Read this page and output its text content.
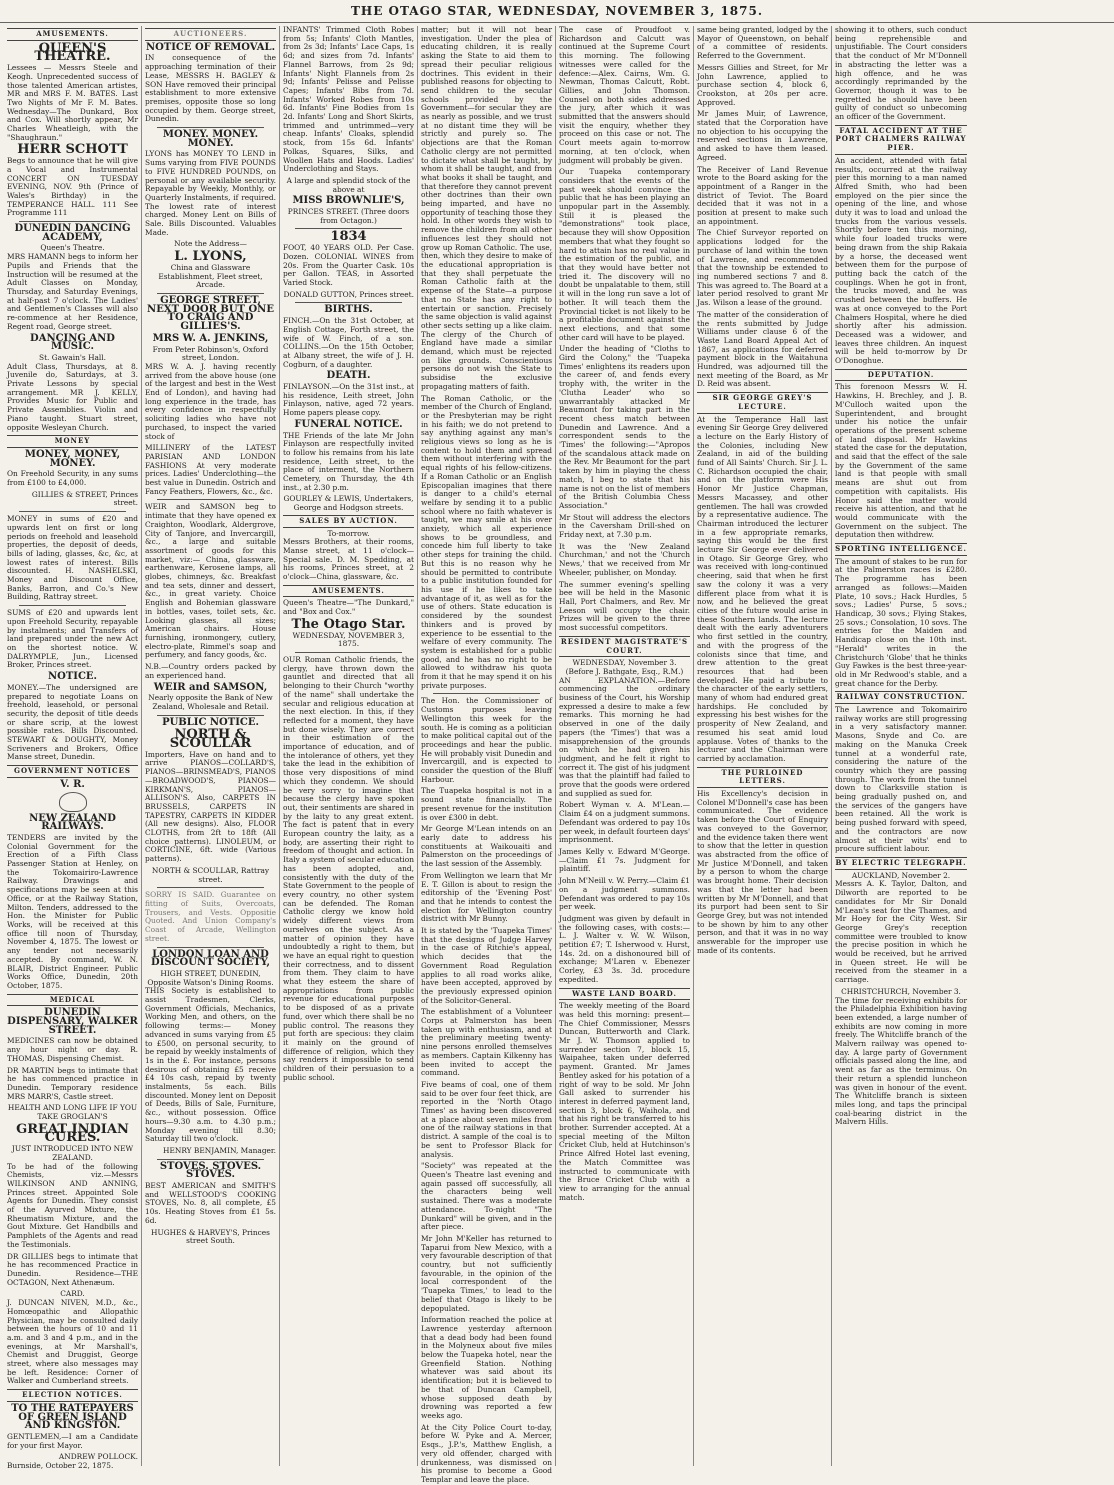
THE OTAGO STAR, WEDNESDAY, NOVEMBER 3, 1875.
AMUSEMENTS.
QUEEN'S THEATRE.

Lessees — Messrs Steele and Keogh. Unprecedented success of those talented American artistes, MR and MRS F. M. BATES. Last Two Nights of Mr F. M. Bates. Wednesday—The Dunkard, Box and Cox. Will shortly appear, Mr Charles Wheatleigh, with the "Shaughraun."

HERR SCHOTT

Begs to announce that he will give a Vocal and Instrumental CONCERT ON TUESDAY EVENING, NOV. 9th (Prince of Wales's Birthday) in the TEMPERANCE HALL. 111 See Programme 111

DUNEDIN DANCING ACADEMY,
Queen's Theatre.

MRS HAMANN begs to inform her Pupils and Friends that the Instruction will be resumed at the Adult Classes on Monday, Thursday, and Saturday Evenings, at half-past 7 o'clock. The Ladies' and Gentlemen's Classes will also re-commence at her Residence, Regent road, George street.

DANCING AND MUSIC.
St. Gawain's Hall.

Adult Class, Thursdays, at 8. Juvenile do, Saturdays, at 3. Private Lessons by special arrangement. MR J. KELLY, Provides Music for Public and Private Assemblies. Violin and Piano taught. Stuart street, opposite Wesleyan Church.

MONEY
MONEY, MONEY, MONEY.

On Freehold Security, in any sums from £100 to £4,000.

GILLIES & STREET, Princes street.

MONEY in sums of £20 and upwards lent on first or long periods on freehold and leasehold properties, the deposit of deeds, bills of lading, glasses, &c, &c, at lowest rates of interest. Bills discounted. H. NASHELSKI, Money and Discount Office, Banks, Barron, and Co.'s New Building, Rattray street.

SUMS of £20 and upwards lent upon Freehold Security, repayable by instalments; and Transfers of land prepared under the new Act on the shortest notice. W. DALRYMPLE, Jun., Licensed Broker, Princes street.

NOTICE.

MONEY.—The undersigned are prepared to negotiate Loans on freehold, leasehold, or personal security, the deposit of title deeds or share scrip, at the lowest possible rates. Bills Discounted. STEWART & DOUGHTY, Money Scriveners and Brokers, Office Manse street, Dunedin.

GOVERNMENT NOTICES
V. R.
NEW ZEALAND RAILWAYS.

TENDERS are invited by the Colonial Government for the Erection of a Fifth Class Passenger Station at Henley, on the Tokomairiro-Lawrence Railway. Drawings and specifications may be seen at this Office, or at the Railway Station, Milton. Tenders, addressed to the Hon. the Minister for Public Works, will be received at this office till noon of Thursday, November 4, 1875. The lowest or any tender not necessarily accepted. By command, W. N. BLAIR, District Engineer. Public Works Office, Dunedin, 20th October, 1875.

MEDICAL
DUNEDIN DISPENSARY, WALKER STREET.

MEDICINES can now be obtained any hour night or day. R. THOMAS, Dispensing Chemist.

DR MARTIN begs to intimate that he has commenced practice in Dunedin. Temporary residence MRS MARR'S, Castle street.

HEALTH AND LONG LIFE IF YOU TAKE GROGLAN'S
GREAT INDIAN CURES.
JUST INTRODUCED INTO NEW ZEALAND.

To be had of the following Chemists, viz.—Messrs WILKINSON AND ANNING, Princes street. Appointed Sole Agents for Dunedin. They consist of the Ayurved Mixture, the Rheumatism Mixture, and the Gout Mixture. Get Handbills and Pamphlets of the Agents and read the Testimonials.

DR GILLIES begs to intimate that he has recommenced Practice in Dunedin. Residence—THE OCTAGON, Next Athenæum.

CARD.

J. DUNCAN NIVEN, M.D., &c., Homœopathic and Allopathic Physician, may be consulted daily between the hours of 10 and 11 a.m. and 3 and 4 p.m., and in the evenings, at Mr Marshall's, Chemist and Druggist, George street, where also messages may be left. Residence: Corner of Walker and Cumberland streets.

ELECTION NOTICES.
TO THE RATEPAYERS OF GREEN ISLAND AND KINGSTON.

GENTLEMEN,—I am a Candidate for your first Mayor.

ANDREW POLLOCK.
Burnside, October 22, 1875.
AUCTIONEERS.
NOTICE OF REMOVAL.

IN consequence of the approaching termination of their Lease, MESSRS H. BAGLEY & SON Have removed their principal establishment to more extensive premises, opposite those so long occupied by them. George street, Dunedin.

MONEY. MONEY. MONEY.

LYONS has MONEY TO LEND in Sums varying from FIVE POUNDS to FIVE HUNDRED POUNDS, on personal or any available security. Repayable by Weekly, Monthly, or Quarterly Instalments, if required. The lowest rate of interest charged. Money Lent on Bills of Sale. Bills Discounted. Valuables Made.

Note the Address—
L. LYONS,
China and Glassware Establishment, Fleet street, Arcade.
GEORGE STREET, NEXT DOOR BUT ONE TO CRAIG AND GILLIES'S.
MRS W. A. JENKINS,
From Peter Robinson's, Oxford street, London.

MRS W. A. J. having recently arrived from the above house (one of the largest and best in the West End of London), and having had long experience in the trade, has every confidence in respectfully soliciting ladies who have not purchased, to inspect the varied stock of

MILLINERY of the LATEST PARISIAN AND LONDON FASHIONS At very moderate prices. Ladies' Underclothing—the best value in Dunedin. Ostrich and Fancy Feathers, Flowers, &c., &c.

WEIR and SAMSON beg to intimate that they have opened ex Craighton, Woodlark, Aldergrove, City of Tanjore, and Invercargill, &c., a large and suitable assortment of goods for this market, viz:— China, glassware, earthenware, Kerosene lamps, all globes, chimneys, &c. Breakfast and tea sets, dinner and dessert, &c., in great variety. Choice English and Bohemian glassware in bottles, vases, toilet sets, &c. Looking glasses, all sizes; American chairs. House furnishing, ironmongery, cutlery, electro-plate, Rimmel's soap and perfumery, and fancy goods, &c.

N.B.—Country orders packed by an experienced hand.

WEIR and SAMSON,
Nearly opposite the Bank of New Zealand, Wholesale and Retail.
PUBLIC NOTICE.
NORTH & SCOULLAR

Importers, Have on hand and to arrive PIANOS—COLLARD'S, PIANOS—BRINSMEAD'S, PIANOS—BROADWOOD'S, PIANOS—KIRKMAN'S, PIANOS—ALLISON'S. Also, CARPETS IN BRUSSELS, CARPETS IN TAPESTRY, CARPETS IN KIDDER (All new designs). Also, FLOOR CLOTHS, from 2ft to 18ft (All choice patterns). LINOLEUM, or CORTICINE, 6ft. wide (Various patterns).

NORTH & SCOULLAR, Rattray street.

SORRY IS SAID. Guarantee on fitting of Suits, Overcoats, Trousers, and Vests. Oppositie Quoted. And Union Company's Coast of Arcade, Wellington street.

LONDON LOAN AND DISCOUNT SOCIETY,
HIGH STREET, DUNEDIN, Opposite Watson's Dining Rooms.

THIS Society is established to assist Tradesmen, Clerks, Government Officials, Mechanics, Working Men, and others, on the following terms:— Money advanced in sums varying from £5 to £500, on personal security, to be repaid by weekly instalments of 1s in the £. For instance, persons desirous of obtaining £5 receive £4 10s cash, repaid by twenty instalments, 5s each. Bills discounted. Money lent on Deposit of Deeds, Bills of Sale, Furniture, &c., without possession. Office hours—9.30 a.m. to 4.30 p.m.; Monday evening till 8.30; Saturday till two o'clock.

HENRY BENJAMIN, Manager.
STOVES. STOVES. STOVES.

BEST AMERICAN and SMITH'S and WELLSTOOD'S COOKING STOVES, No. 8, all complete, £5 10s. Heating Stoves from £1 5s. 6d.

HUGHES & HARVEY'S, Princes street South.

INFANTS' Trimmed Cloth Robes from 5s; Infants' Cloth Mantles, from 2s 3d; Infants' Lace Caps, 1s 6d; and sizes from 7d. Infants' Flannel Barrows, from 2s 9d; Infants' Night Flannels from 2s 9d; Infants' Pelisse and Pelisse Capes; Infants' Bibs from 7d. Infants' Worked Robes from 10s 6d. Infants' Fine Bodies from 1s 2d. Infants' Long and Short Skirts, trimmed and untrimmed—very cheap. Infants' Cloaks, splendid stock, from 15s 6d. Infants' Polkas, Squares, Silks, and Woollen Hats and Hoods. Ladies' Underclothing and Stays.

A large and splendid stock of the above at
MISS BROWNLIE'S,
PRINCES STREET. (Three doors from Octagon.)
1834

FOOT, 40 YEARS OLD. Per Case. Dozen. COLONIAL WINES from 20s. From the Quarter Cask. 10s per Gallon. TEAS, in Assorted Varied Stock.

DONALD GUTTON, Princes street.
BIRTHS.

FINCH.—On the 31st October, at English Cottage, Forth street, the wife of W. Finch, of a son. COLLINS.—On the 15th October, at Albany street, the wife of J. H. Cogburn, of a daughter.

DEATH.

FINLAYSON.—On the 31st inst., at his residence, Leith street, John Finlayson, native, aged 72 years. Home papers please copy.

FUNERAL NOTICE.

THE Friends of the late Mr John Finlayson are respectfully invited to follow his remains from his late residence, Leith street, to the place of interment, the Northern Cemetery, on Thursday, the 4th inst., at 2.30 p.m.

GOURLEY & LEWIS, Undertakers, George and Hodgson streets.
SALES BY AUCTION.
To-morrow.

Messrs Brothers, at their rooms, Manse street, at 11 o'clock—Special sale. D. M. Spedding, at his rooms, Princes street, at 2 o'clock—China, glassware, &c.

AMUSEMENTS.

Queen's Theatre—"The Dunkard," and "Box and Cox."

The Otago Star.
WEDNESDAY, NOVEMBER 3, 1875.

OUR Roman Catholic friends, the clergy, have thrown down the gauntlet and directed that all belonging to their Church "worthy of the name" shall undertake the secular and religious education at the next election. In this, if they reflected for a moment, they have but done wisely. They are correct in their estimation of the importance of education, and of the intolerance of others, yet they take the lead in the exhibition of those very dispositions of mind which they condemn. We should be very sorry to imagine that because the clergy have spoken out, their sentiments are shared in by the laity to any great extent. The fact is patent that in every European country the laity, as a body, are asserting their right to freedom of thought and action. In Italy a system of secular education has been adopted, and, consistently with the duty of the State Government to the people of every country, no other system can be defended. The Roman Catholic clergy we know hold widely different views from ourselves on the subject. As a matter of opinion they have undoubtedly a right to them, but we have an equal right to question their correctness, and to dissent from them. They claim to have what they esteem the share of appropriations from public revenue for educational purposes to be disposed of as a private fund, over which there shall be no public control. The reasons they put forth are specious: they claim it mainly on the ground of difference of religion, which they say renders it impossible to send children of their persuasion to a public school.

matter; but it will not bear investigation. Under the plea of educating children, it is really asking the State to aid them to spread their peculiar religious doctrines. This evident in their published reasons for objecting to send children to the secular schools provided by the Government—for secular they are as nearly as possible, and we trust at no distant time they will be strictly and purely so. The objections are that the Roman Catholic clergy are not permitted to dictate what shall be taught, by whom it shall be taught, and from what books it shall be taught, and that therefore they cannot prevent other doctrines than their own being imparted, and have no opportunity of teaching those they hold. In other words they wish to remove the children from all other influences lest they should not grow up Roman Catholic. The use, then, which they desire to make of the educational appropriation is that they shall perpetuate the Roman Catholic faith at the expense of the State—a purpose that no State has any right to entertain or sanction. Precisely the same objection is valid against other sects setting up a like claim. The clergy of the Church of England have made a similar demand, which must be rejected on like grounds. Conscientious persons do not wish the State to subsidise the exclusive propagating matters of faith.

The Roman Catholic, or the member of the Church of England, or the Presbyterian may be right in his faith; we do not pretend to say anything against any man's religious views so long as he is content to hold them and spread them without interfering with the equal rights of his fellow-citizens. If a Roman Catholic or an English Episcopalian imagines that there is danger to a child's eternal welfare by sending it to a public school where no faith whatever is taught, we may smile at his over anxiety, which all experience shows to be groundless, and concede him full liberty to take other steps for training the child. But this is no reason why he should be permitted to contribute to a public institution founded for his use if he likes to take advantage of it, as well as for the use of others. State education is considered by the soundest thinkers and is proved by experience to be essential to the welfare of every community. The system is established for a public good, and he has no right to be allowed to withdraw his quota from it that he may spend it on his private purposes.

The Hon. the Commissioner of Customs purposes leaving Wellington this week for the south. He is coming as a politician to make political capital out of the proceedings and hear the public. He will probably visit Dunedin and Invercargill, and is expected to consider the question of the Bluff Harbour.

The Tuapeka hospital is not in a sound state financially. The present revenue for the institution is over £300 in debt.

Mr George M'Lean intends on an early date to address his constituents at Waikouaiti and Palmerston on the proceedings of the last session of the Assembly.

From Wellington we learn that Mr E. T. Gillon is about to resign the editorship of the 'Evening Post' and that he intends to contest the election for Wellington country district with Mr Bunny.

It is stated by the 'Tuapeka Times' that the designs of Judge Harvey in the case of Ritchie's appeal, which decides that the Government Road Regulation applies to all road works alike, have been accepted, approved by the previously expressed opinion of the Solicitor-General.

The establishment of a Volunteer Corps at Palmerston has been taken up with enthusiasm, and at the preliminary meeting twenty-nine persons enrolled themselves as members. Captain Kilkenny has been invited to accept the command.

Five beams of coal, one of them said to be over four feet thick, are reported in the 'North Otago Times' as having been discovered at a place about seven miles from one of the railway stations in that district. A sample of the coal is to be sent to Professor Black for analysis.

"Society" was repeated at the Queen's Theatre last evening and again passed off successfully, all the characters being well sustained. There was a moderate attendance. To-night "The Dunkard" will be given, and in the after piece.

Mr John M'Keller has returned to Taparui from New Mexico, with a very favourable description of that country, but not sufficiently favourable, in the opinion of the local correspondent of the 'Tuapeka Times,' to lead to the belief that Otago is likely to be depopulated.

Information reached the police at Lawrence yesterday afternoon that a dead body had been found in the Molyneux about five miles below the Tuapeka hotel, near the Greenfield Station. Nothing whatever was said about its identification; but it is believed to be that of Duncan Campbell, whose supposed death by drowning was reported a few weeks ago.

At the City Police Court to-day, before W. Pyke and A. Mercer, Esqs., J.P.'s, Matthew English, a very old offender, charged with drunkenness, was dismissed on his promise to become a Good Templar and leave the place.

The case of Proudfoot v. Richardson and Calcutt was continued at the Supreme Court this morning. The following witnesses were called for the defence:—Alex. Cairns, Wm. G. Newman, Thomas Calcutt, Robt. Gillies, and John Thomson. Counsel on both sides addressed the jury, after which it was submitted that the answers should visit the enquiry, whether they proceed on this case or not. The Court meets again to-morrow morning, at ten o'clock, when judgment will probably be given.

Our Tuapeka contemporary considers that the events of the past week should convince the public that he has been playing an unpopular part in the Assembly. Still it is pleased the "demonstrations" took place, because they will show Opposition members that what they fought so hard to attain has no real value in the estimation of the public, and that they would have better not tried it. The discovery will no doubt be unpalatable to them, still it will in the long run save a lot of bother. It will teach them the Provincial ticket is not likely to be a profitable document against the next elections, and that some other card will have to be played.

Under the heading of "Cloths to Gird the Colony," the 'Tuapeka Times' enlightens its readers upon the career of, and fends every trophy with, the writer in the 'Clutha Leader' who so unwarrantably attacked Mr Beaumont for taking part in the recent chess match between Dunedin and Lawrence. And a correspondent sends to the 'Times' the following:—"Apropos of the scandalous attack made on the Rev. Mr Beaumont for the part taken by him in playing the chess match, I beg to state that his name is not on the list of members of the British Columbia Chess Association."

Mr Stout will address the electors in the Caversham Drill-shed on Friday next, at 7.30 p.m.

It was the 'New Zealand Churchman,' and not the 'Church News,' that we received from Mr Wheeler, publisher, on Monday.

The summer evening's spelling bee will be held in the Masonic Hall, Port Chalmers, and Rev. Mr Leeson will occupy the chair. Prizes will be given to the three most successful competitors.

RESIDENT MAGISTRATE'S COURT.
WEDNESDAY, November 3.
(Before J. Bathgate, Esq., R.M.)

AN EXPLANATION.—Before commencing the ordinary business of the Court, his Worship expressed a desire to make a few remarks. This morning he had observed in one of the daily papers (the 'Times') that was a misapprehension of the grounds on which he had given his judgment, and he felt it right to correct it. The gist of his judgment was that the plaintiff had failed to prove that the goods were ordered and supplied as sued for.

Robert Wyman v. A. M'Lean.—Claim £4 on a judgment summons. Defendant was ordered to pay 10s per week, in default fourteen days' imprisonment.

James Kelly v. Edward M'George.—Claim £1 7s. Judgment for plaintiff.

John M'Neill v. W. Perry.—Claim £1 on a judgment summons. Defendant was ordered to pay 10s per week.

Judgment was given by default in the following cases, with costs:—L. J. Walter v. W. W. Wilson, petition £7; T. Isherwood v. Hurst, 14s. 2d. on a dishonoured bill of exchange; M'Laren v. Ebenezer Corley, £3 3s. 3d. procedure expedited.

WASTE LAND BOARD.

The weekly meeting of the Board was held this morning: present—The Chief Commissioner, Messrs Duncan, Butterworth and Clark. Mr J. W. Thomson applied to surrender section 7, block 15, Waipahee, taken under deferred payment. Granted. Mr James Bentley asked for his potation of a right of way to be sold. Mr John Gall asked to surrender his interest in deferred payment land, section 3, block 6, Waihola, and that his right be transferred to his brother. Surrender accepted. At a special meeting of the Milton Cricket Club, held at Hutchinson's Prince Alfred Hotel last evening, the Match Committee was instructed to communicate with the Bruce Cricket Club with a view to arranging for the annual match.

same being granted, lodged by the Mayor of Queenstown, on behalf of a committee of residents. Referred to the Government.

Messrs Gillies and Street, for Mr John Lawrence, applied to purchase section 4, block 6, Crookston, at 20s per acre. Approved.

Mr James Muir, of Lawrence, stated that the Corporation have no objection to his occupying the reserved sections in Lawrence, and asked to have them leased. Agreed.

The Receiver of Land Revenue wrote to the Board asking for the appointment of a Ranger in the district of Teviot. The Board decided that it was not in a position at present to make such an appointment.

The Chief Surveyor reported on applications lodged for the purchase of land within the town of Lawrence, and recommended that the township be extended to ing numbered sections 7 and 8. This was agreed to. The Board at a later period resolved to grant Mr Jas. Wilson a lease of the ground.

The matter of the consideration of the rents submitted by Judge Williams under clause 6 of the Waste Land Board Appeal Act of 1867, as applications for deferred payment block in the Waitahuna Hundred, was adjourned till the next meeting of the Board, as Mr D. Reid was absent.

SIR GEORGE GREY'S LECTURE.

At the Temperance Hall last evening Sir George Grey delivered a lecture on the Early History of the Colonies, including New Zealand, in aid of the building fund of All Saints' Church. Sir J. L. C. Richardson occupied the chair, and on the platform were His Honor Mr Justice Chapman, Messrs Macassey, and other gentlemen. The hall was crowded by a representative audience. The Chairman introduced the lecturer in a few appropriate remarks, saying this would be the first lecture Sir George ever delivered in Otago. Sir George Grey, who was received with long-continued cheering, said that when he first saw the colony it was a very different place from what it is now, and he believed the great cities of the future would arise in these Southern lands. The lecture dealt with the early adventurers who first settled in the country, and with the progress of the colonists since that time, and drew attention to the great resources that had been developed. He paid a tribute to the character of the early settlers, many of whom had endured great hardships. He concluded by expressing his best wishes for the prosperity of New Zealand, and resumed his seat amid loud applause. Votes of thanks to the lecturer and the Chairman were carried by acclamation.

THE PURLOINED LETTERS.

His Excellency's decision in Colonel M'Donnell's case has been communicated. The evidence taken before the Court of Enquiry was conveyed to the Governor, and the evidence taken there went to show that the letter in question was abstracted from the office of Mr Justice M'Donnell, and taken by a person to whom the charge was brought home. Their decision was that the letter had been written by Mr M'Donnell, and that its purport had been sent to Sir George Grey, but was not intended to be shown by him to any other person, and that it was in no way answerable for the improper use made of its contents.

showing it to others, such conduct being reprehensible and unjustifiable. The Court considers that the conduct of Mr M'Donnell in abstracting the letter was a high offence, and he was accordingly reprimanded by the Governor, though it was to be regretted he should have been guilty of conduct so unbecoming an officer of the Government.

FATAL ACCIDENT AT THE PORT CHALMERS RAILWAY PIER.

An accident, attended with fatal results, occurred at the railway pier this morning to a man named Alfred Smith, who had been employed on the pier since the opening of the line, and whose duty it was to load and unload the trucks from the various vessels. Shortly before ten this morning, while four loaded trucks were being drawn from the ship Rakaia by a horse, the deceased went between them for the purpose of putting back the catch of the couplings. When he got in front, the trucks moved, and he was crushed between the buffers. He was at once conveyed to the Port Chalmers Hospital, where he died shortly after his admission. Deceased was a widower, and leaves three children. An inquest will be held to-morrow by Dr O'Donoghue.

DEPUTATION.

This forenoon Messrs W. H. Hawkins, H. Brechley, and J. B. M'Culloch waited upon the Superintendent, and brought under his notice the unfair operations of the present scheme of land disposal. Mr Hawkins stated the case for the deputation, and said that the effect of the sale by the Government of the same land is that people with small means are shut out from competition with capitalists. His Honor said the matter would receive his attention, and that he would communicate with the Government on the subject. The deputation then withdrew.

SPORTING INTELLIGENCE.

The amount of stakes to be run for at the Palmerston races is £280. The programme has been arranged as follows:—Maiden Plate, 10 sovs.; Hack Hurdles, 5 sovs.; Ladies' Purse, 5 sovs.; Handicap, 30 sovs.; Flying Stakes, 25 sovs.; Consolation, 10 sovs. The entries for the Maiden and Handicap close on the 10th inst. "Herald" writes in the Christchurch 'Globe' that he thinks Guy Fawkes is the best three-year-old in Mr Redwood's stable, and a great chance for the Derby.

RAILWAY CONSTRUCTION.

The Lawrence and Tokomairiro railway works are still progressing in a very satisfactory manner. Masons, Snyde and Co. are making on the Manuka Creek tunnel at a wonderful rate, considering the nature of the country which they are passing through. The work from the tunnel down to Clarksville station is being gradually pushed on, and the services of the gangers have been retained. All the work is being pushed forward with speed, and the contractors are now almost at their wits' end to procure sufficient labour.

BY ELECTRIC TELEGRAPH.
AUCKLAND, November 2.

Messrs A. K. Taylor, Dalton, and Dilworth are reported to be candidates for Mr Sir Donald M'Lean's seat for the Thames, and Mr Hoey for the City West. Sir George Grey's reception committee were troubled to know the precise position in which he would be received, but he arrived in Queen street. He will be received from the steamer in a carriage.

CHRISTCHURCH, November 3.

The time for receiving exhibits for the Philadelphia Exhibition having been extended, a large number of exhibits are now coming in more freely. The Whitcliffe branch of the Malvern railway was opened to-day. A large party of Government officials passed along the line, and went as far as the terminus. On their return a splendid luncheon was given in honour of the event. The Whitcliffe branch is sixteen miles long, and taps the principal coal-bearing district in the Malvern Hills.
